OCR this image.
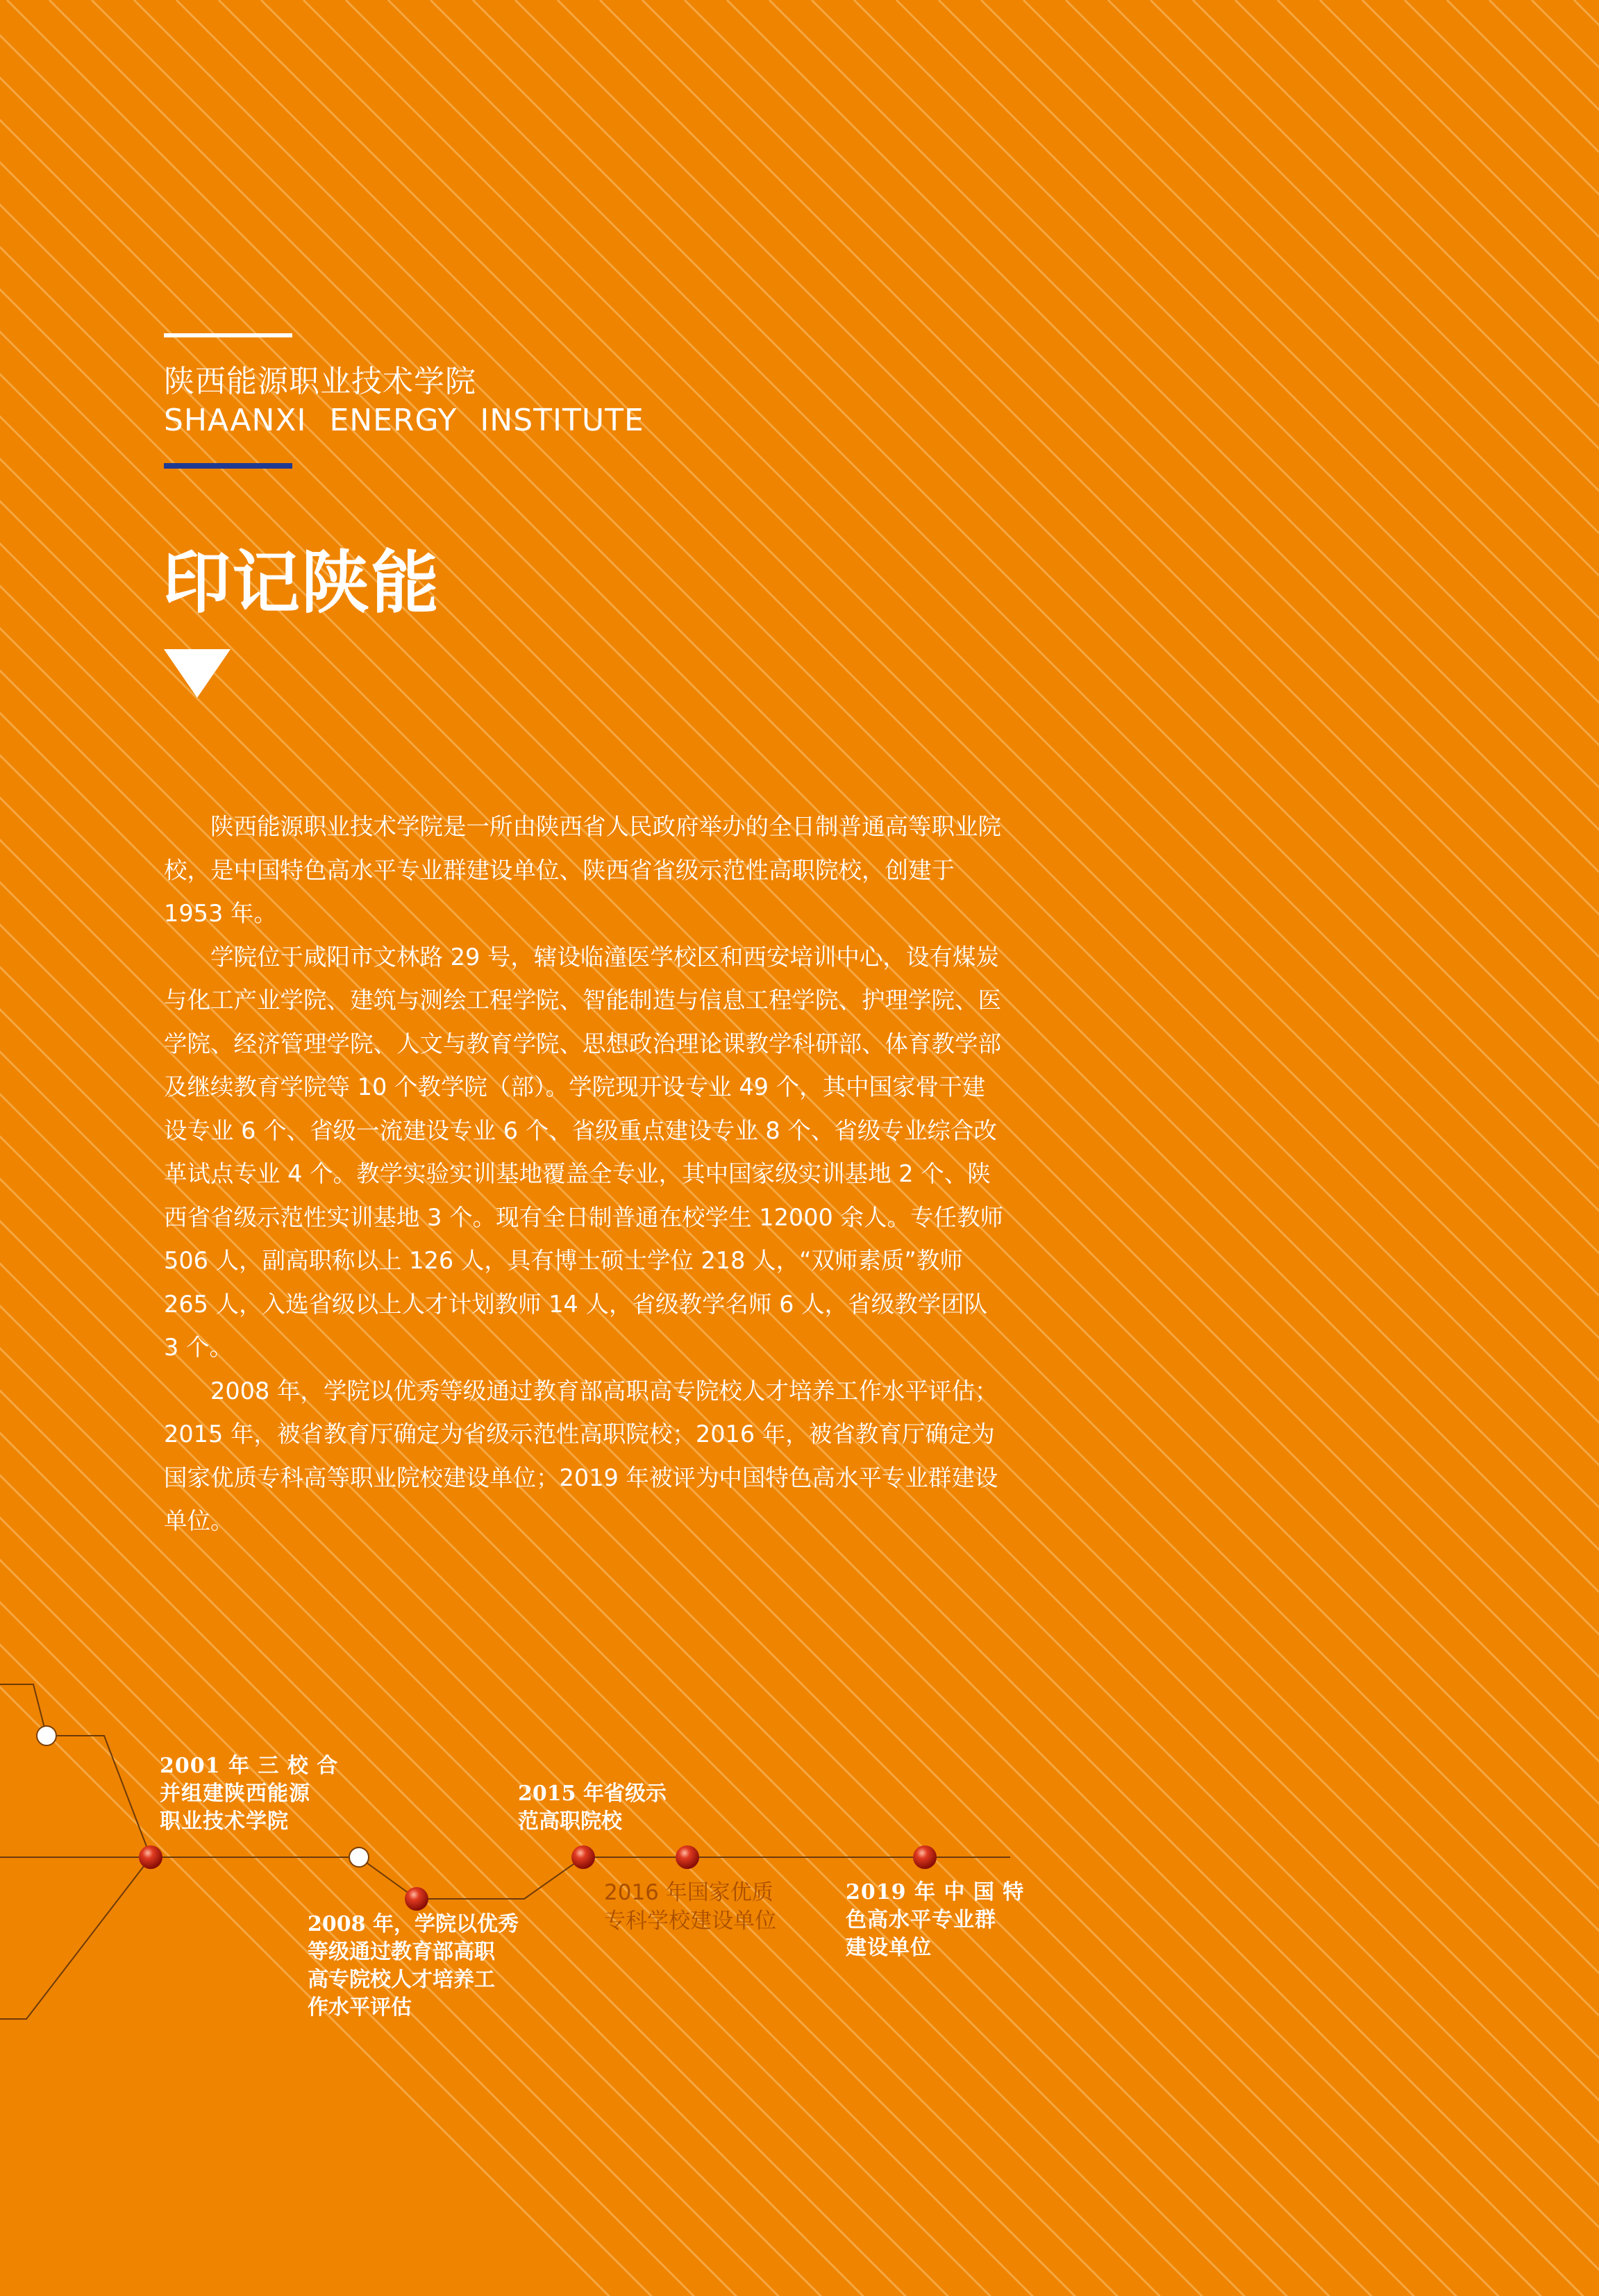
陕西能源职业技术学院
SHAANXI ENERGY INSTITUTE
印记陕能

陕西能源职业技术学院是一所由陕西省人民政府举办的全日制普通高等职业院校，是中国特色高水平专业群建设单位、陕西省省级示范性高职院校，创建于 1953 年。

学院位于咸阳市文林路 29 号，辖设临潼医学校区和西安培训中心，设有煤炭与化工产业学院、建筑与测绘工程学院、智能制造与信息工程学院、护理学院、医学院、经济管理学院、人文与教育学院、思想政治理论课教学科研部、体育教学部及继续教育学院等 10 个教学院（部）。学院现开设专业 49 个，其中国家骨干建设专业 6 个、省级一流建设专业 6 个、省级重点建设专业 8 个、省级专业综合改革试点专业 4 个。教学实验实训基地覆盖全专业，其中国家级实训基地 2 个、陕西省省级示范性实训基地 3 个。现有全日制普通在校学生 12000 余人。专任教师 506 人，副高职称以上 126 人，具有博士硕士学位 218 人，“双师素质”教师 265 人，入选省级以上人才计划教师 14 人，省级教学名师 6 人，省级教学团队 3 个。

2008 年，学院以优秀等级通过教育部高职高专院校人才培养工作水平评估；2015 年，被省教育厅确定为省级示范性高职院校；2016 年，被省教育厅确定为国家优质专科高等职业院校建设单位；2019 年被评为中国特色高水平专业群建设单位。

2001 年 三 校 合
并组建陕西能源
职业技术学院
2008 年，学院以优秀
等级通过教育部高职
高专院校人才培养工
作水平评估
2015 年省级示
范高职院校
2016 年国家优质
专科学校建设单位
2019 年 中 国 特
色高水平专业群
建设单位
